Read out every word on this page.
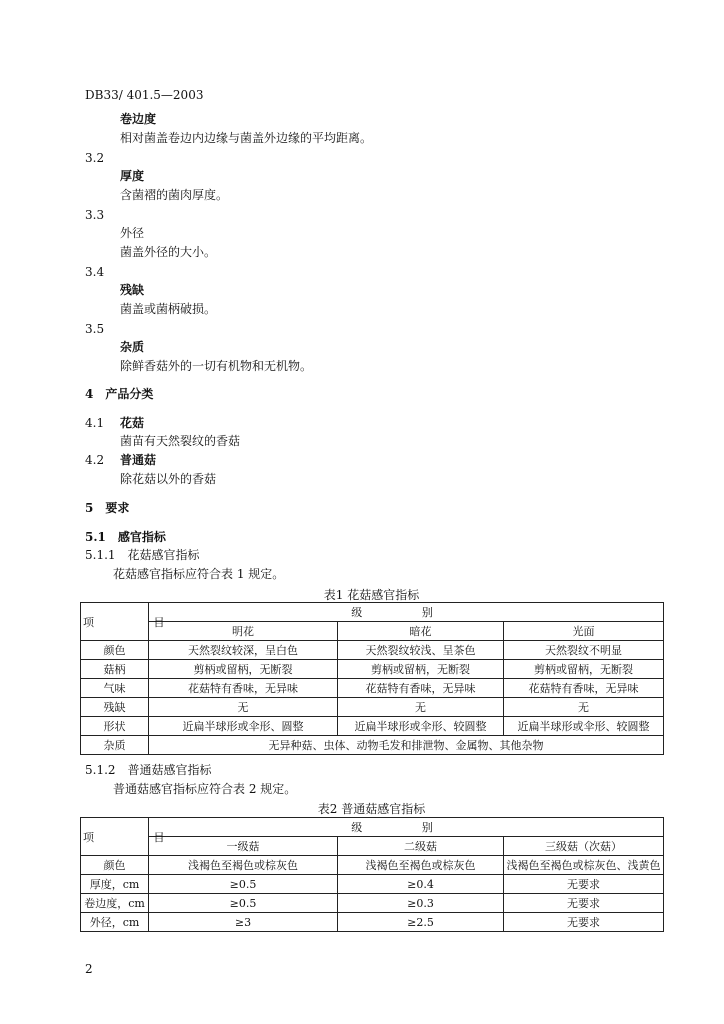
DB33/ 401.5—2003
卷边度
相对菌盖卷边内边缘与菌盖外边缘的平均距离。
3.2
厚度
含菌褶的菌肉厚度。
3.3
外径
菌盖外径的大小。
3.4
残缺
菌盖或菌柄破损。
3.5
杂质
除鲜香菇外的一切有机物和无机物。
4　产品分类
4.1 花菇
菌苗有天然裂纹的香菇
4.2 普通菇
除花菇以外的香菇
5　要求
5.1　感官指标
5.1.1　花菇感官指标
花菇感官指标应符合表 1 规定。
表1 花菇感官指标
项 目	级 别		
	明花	暗花	光面
颜色	天然裂纹较深，呈白色	天然裂纹较浅、呈茶色	天然裂纹不明显
菇柄	剪柄或留柄，无断裂	剪柄或留柄，无断裂	剪柄或留柄，无断裂
气味	花菇特有香味，无异味	花菇特有香味，无异味	花菇特有香味，无异味
残缺	无	无	无
形状	近扁半球形或伞形、圆整	近扁半球形或伞形、较圆整	近扁半球形或伞形、较圆整
杂质	无异种菇、虫体、动物毛发和排泄物、金属物、其他杂物		
5.1.2　普通菇感官指标
普通菇感官指标应符合表 2 规定。
表2 普通菇感官指标
项 目	级 别		
	一级菇	二级菇	三级菇（次菇）
颜色	浅褐色至褐色或棕灰色	浅褐色至褐色或棕灰色	浅褐色至褐色或棕灰色、浅黄色
厚度，cm	≥0.5	≥0.4	无要求
卷边度，cm	≥0.5	≥0.3	无要求
外径，cm	≥3	≥2.5	无要求
2
